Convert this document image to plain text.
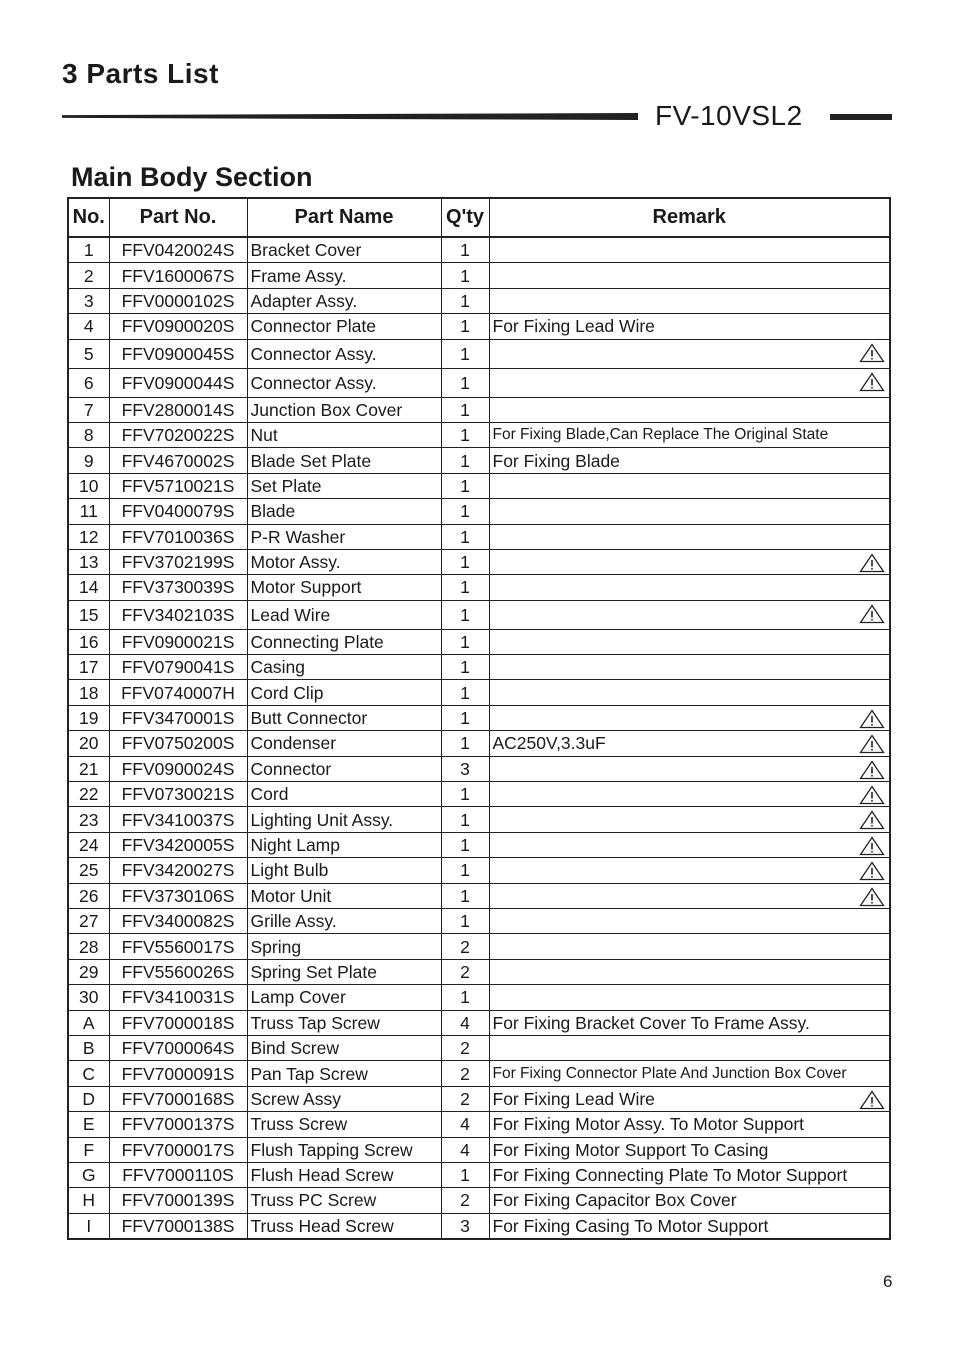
3 Parts List
FV-10VSL2
Main Body Section
No.	Part No.	Part Name	Q'ty	Remark
1	FFV0420024S	Bracket Cover	1	
2	FFV1600067S	Frame Assy.	1	
3	FFV0000102S	Adapter Assy.	1	
4	FFV0900020S	Connector Plate	1	For Fixing Lead Wire
5	FFV0900045S	Connector Assy.	1	

6	FFV0900044S	Connector Assy.	1	

7	FFV2800014S	Junction Box Cover	1	
8	FFV7020022S	Nut	1	For Fixing Blade,Can Replace The Original State
9	FFV4670002S	Blade Set Plate	1	For Fixing Blade
10	FFV5710021S	Set Plate	1	
11	FFV0400079S	Blade	1	
12	FFV7010036S	P-R Washer	1	
13	FFV3702199S	Motor Assy.	1	

14	FFV3730039S	Motor Support	1	
15	FFV3402103S	Lead Wire	1	

16	FFV0900021S	Connecting Plate	1	
17	FFV0790041S	Casing	1	
18	FFV0740007H	Cord Clip	1	
19	FFV3470001S	Butt Connector	1	

20	FFV0750200S	Condenser	1	AC250V,3.3uF

21	FFV0900024S	Connector	3	

22	FFV0730021S	Cord	1	

23	FFV3410037S	Lighting Unit Assy.	1	

24	FFV3420005S	Night Lamp	1	

25	FFV3420027S	Light Bulb	1	

26	FFV3730106S	Motor Unit	1	

27	FFV3400082S	Grille Assy.	1	
28	FFV5560017S	Spring	2	
29	FFV5560026S	Spring Set Plate	2	
30	FFV3410031S	Lamp Cover	1	
A	FFV7000018S	Truss Tap Screw	4	For Fixing Bracket Cover To Frame Assy.
B	FFV7000064S	Bind Screw	2	
C	FFV7000091S	Pan Tap Screw	2	For Fixing Connector Plate And Junction Box Cover
D	FFV7000168S	Screw Assy	2	For Fixing Lead Wire

E	FFV7000137S	Truss Screw	4	For Fixing Motor Assy. To Motor Support
F	FFV7000017S	Flush Tapping Screw	4	For Fixing Motor Support To Casing
G	FFV7000110S	Flush Head Screw	1	For Fixing Connecting Plate To Motor Support
H	FFV7000139S	Truss PC Screw	2	For Fixing Capacitor Box Cover
I	FFV7000138S	Truss Head Screw	3	For Fixing Casing To Motor Support
6
